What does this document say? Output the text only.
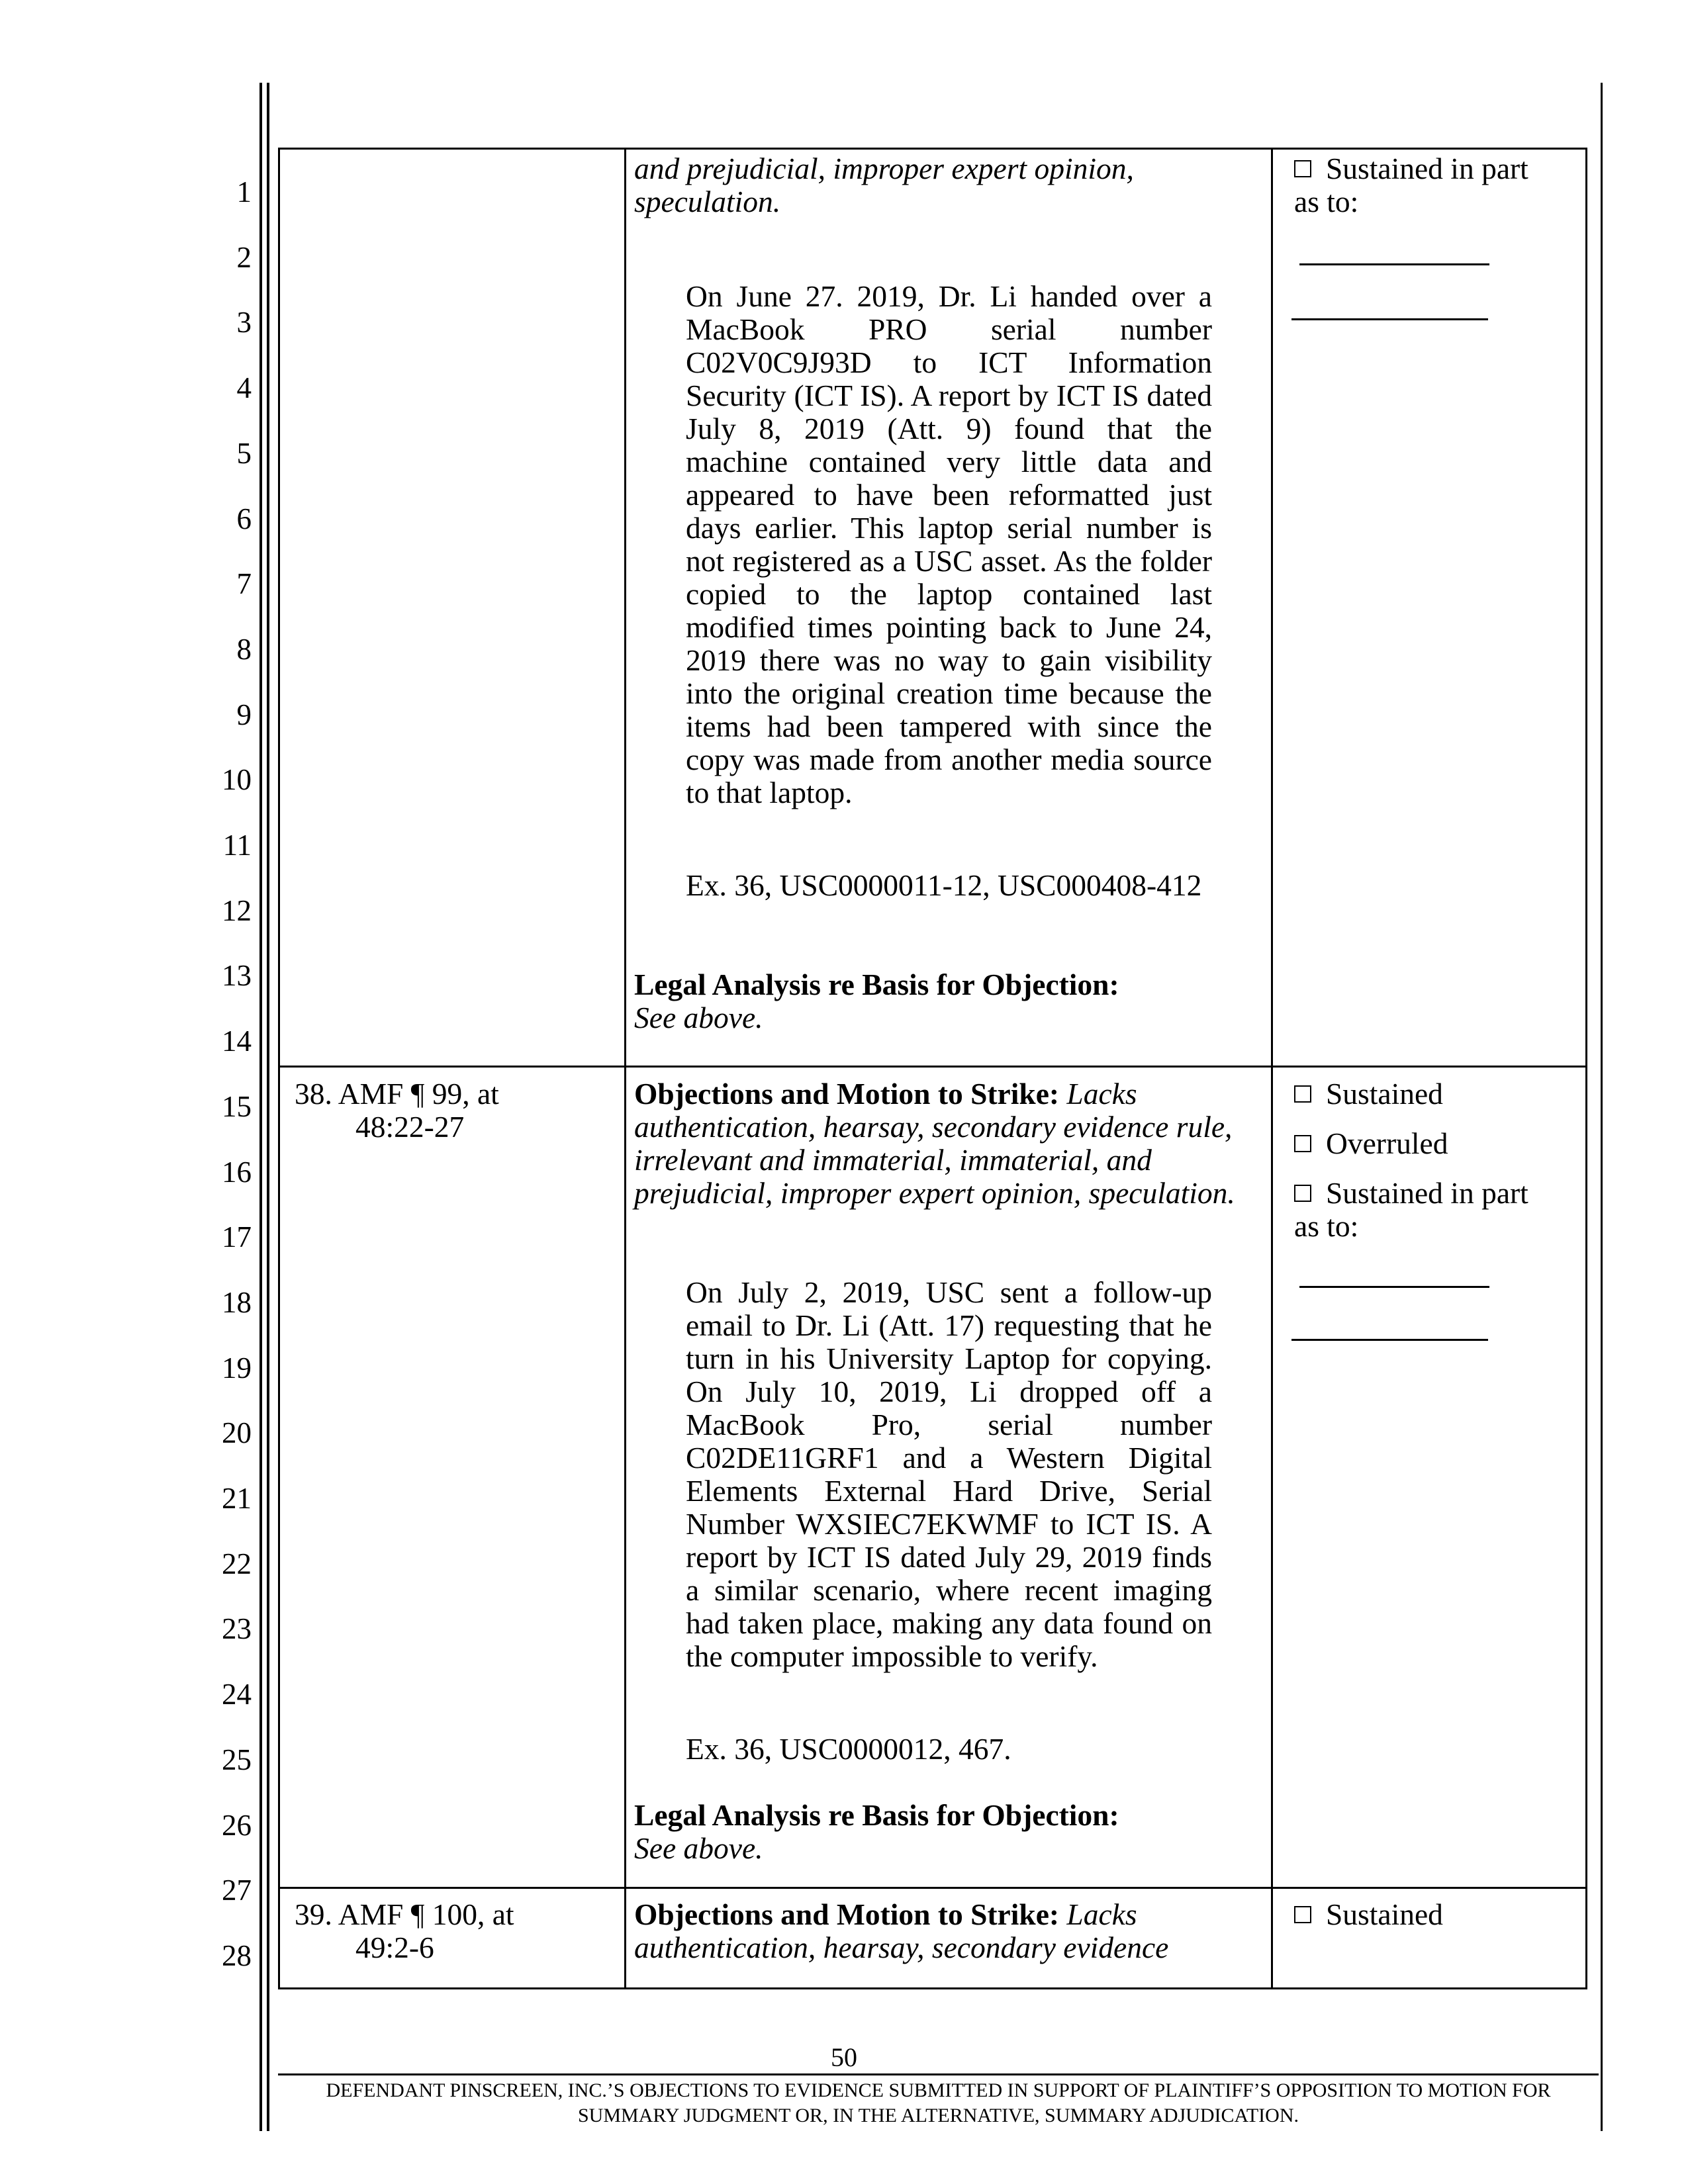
1
2
3
4
5
6
7
8
9
10
11
12
13
14
15
16
17
18
19
20
21
22
23
24
25
26
27
28
and prejudicial, improper expert opinion, speculation.
On June 27. 2019, Dr. Li handed over a MacBook PRO serial number C02V0C9J93D to ICT Information Security (ICT IS). A report by ICT IS dated July 8, 2019 (Att. 9) found that the machine contained very little data and appeared to have been reformatted just days earlier. This laptop serial number is not registered as a USC asset. As the folder copied to the laptop contained last modified times pointing back to June 24, 2019 there was no way to gain visibility into the original creation time because the items had been tampered with since the copy was made from another media source to that laptop.
Ex. 36, USC0000011-12, USC000408-412
Legal Analysis re Basis for Objection:
See above.
Sustained in part as to:
38. AMF ¶ 99, at
48:22-27
Objections and Motion to Strike: Lacks authentication, hearsay, secondary evidence rule, irrelevant and immaterial, immaterial, and prejudicial, improper expert opinion, speculation.
On July 2, 2019, USC sent a follow-up email to Dr. Li (Att. 17) requesting that he turn in his University Laptop for copying. On July 10, 2019, Li dropped off a MacBook Pro, serial number C02DE11GRF1 and a Western Digital Elements External Hard Drive, Serial Number WXSIEC7EKWMF to ICT IS. A report by ICT IS dated July 29, 2019 finds a similar scenario, where recent imaging had taken place, making any data found on the computer impossible to verify.
Ex. 36, USC0000012, 467.
Legal Analysis re Basis for Objection:
See above.
Sustained
Overruled
Sustained in part as to:
39. AMF ¶ 100, at
49:2-6
Objections and Motion to Strike: Lacks authentication, hearsay, secondary evidence
Sustained
50
DEFENDANT PINSCREEN, INC.’S OBJECTIONS TO EVIDENCE SUBMITTED IN SUPPORT OF PLAINTIFF’S OPPOSITION TO MOTION FOR SUMMARY JUDGMENT OR, IN THE ALTERNATIVE, SUMMARY ADJUDICATION.
